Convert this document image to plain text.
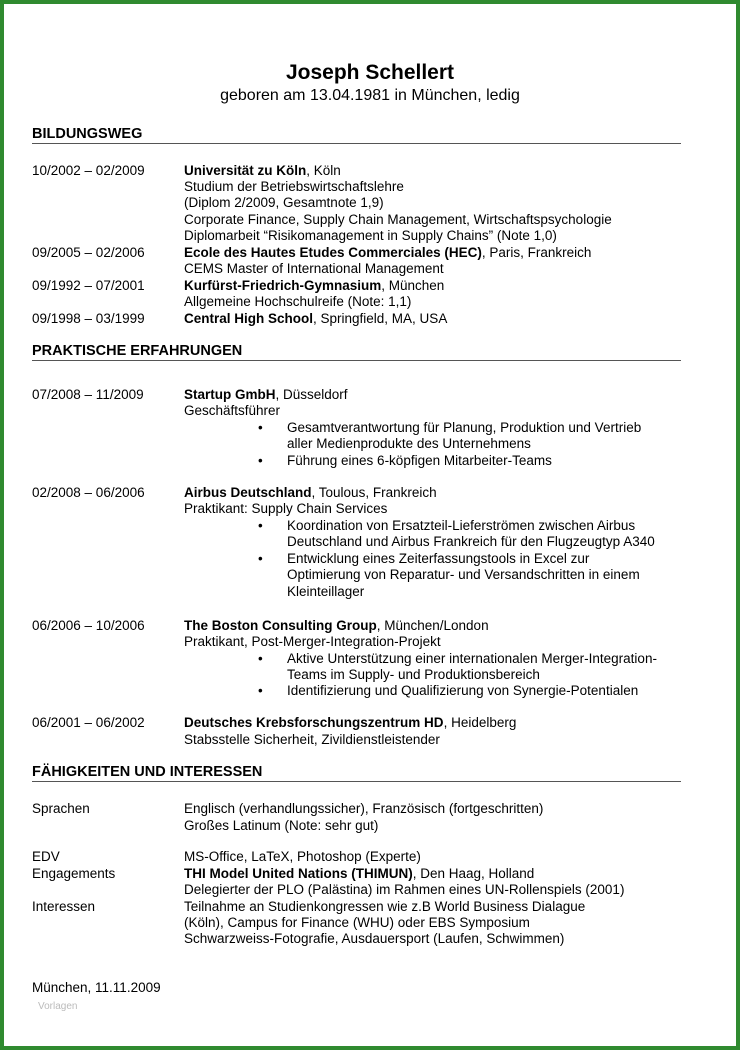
Joseph Schellert
geboren am 13.04.1981 in München, ledig
BILDUNGSWEG
10/2002 – 02/2009	Universität zu Köln, Köln
Studium der Betriebswirtschaftslehre
(Diplom 2/2009, Gesamtnote 1,9)
Corporate Finance, Supply Chain Management, Wirtschaftspsychologie
Diplomarbeit “Risikomanagement in Supply Chains” (Note 1,0)
09/2005 – 02/2006	Ecole des Hautes Etudes Commerciales (HEC), Paris, Frankreich
CEMS Master of International Management
09/1992 – 07/2001	Kurfürst-Friedrich-Gymnasium, München
Allgemeine Hochschulreife (Note: 1,1)
09/1998 – 03/1999	Central High School, Springfield, MA, USA
PRAKTISCHE ERFAHRUNGEN
07/2008 – 11/2009	Startup GmbH, Düsseldorf
Geschäftsführer
• Gesamtverantwortung für Planung, Produktion und Vertrieb
aller Medienprodukte des Unternehmens
• Führung eines 6-köpfigen Mitarbeiter-Teams
02/2008 – 06/2006	Airbus Deutschland, Toulous, Frankreich
Praktikant: Supply Chain Services
• Koordination von Ersatzteil-Lieferströmen zwischen Airbus
Deutschland und Airbus Frankreich für den Flugzeugtyp A340
• Entwicklung eines Zeiterfassungstools in Excel zur
Optimierung von Reparatur- und Versandschritten in einem
Kleinteillager
06/2006 – 10/2006	The Boston Consulting Group, München/London
Praktikant, Post-Merger-Integration-Projekt
• Aktive Unterstützung einer internationalen Merger-Integration-
Teams im Supply- und Produktionsbereich
• Identifizierung und Qualifizierung von Synergie-Potentialen
06/2001 – 06/2002	Deutsches Krebsforschungszentrum HD, Heidelberg
Stabsstelle Sicherheit, Zivildienstleistender
FÄHIGKEITEN UND INTERESSEN
Sprachen	Englisch (verhandlungssicher), Französisch (fortgeschritten)
Großes Latinum (Note: sehr gut)
EDV	MS-Office, LaTeX, Photoshop (Experte)
Engagements	THI Model United Nations (THIMUN), Den Haag, Holland
Delegierter der PLO (Palästina) im Rahmen eines UN-Rollenspiels (2001)
Interessen	Teilnahme an Studienkongressen wie z.B World Business Dialague
(Köln), Campus for Finance (WHU) oder EBS Symposium
Schwarzweiss-Fotografie, Ausdauersport (Laufen, Schwimmen)
München, 11.11.2009
Vorlagen
